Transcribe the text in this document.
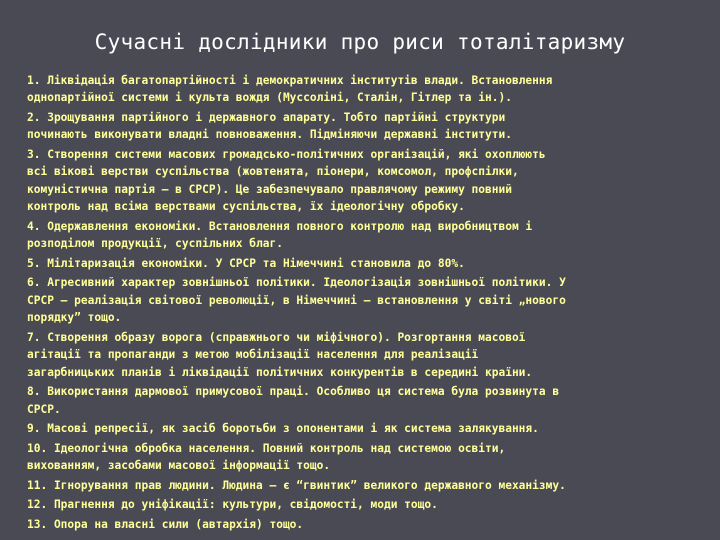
Сучасні дослідники про риси тоталітаризму
1. Ліквідація багатопартійності і демократичних інститутів влади. Встановлення
однопартійної системи і культа вождя (Муссоліні, Сталін, Гітлер та ін.).
2. Зрощування партійного і державного апарату. Тобто партійні структури
починають виконувати владні повноваження. Підміняючи державні інститути.
3. Створення системи масових громадсько-політичних організацій, які охоплюють
всі вікові верстви суспільства (жовтенята, піонери, комсомол, профспілки,
комуністична партія – в СРСР). Це забезпечувало правлячому режиму повний
контроль над всіма верствами суспільства, їх ідеологічну обробку.
4. Одержавлення економіки. Встановлення повного контролю над виробництвом і
розподілом продукції, суспільних благ.
5. Мілітаризація економіки. У СРСР та Німеччині становила до 80%.
6. Агресивний характер зовнішньої політики. Ідеологізація зовнішньої політики. У
СРСР – реалізація світової революції, в Німеччині – встановлення у світі „нового
порядку” тощо.
7. Створення образу ворога (справжнього чи міфічного). Розгортання масової
агітації та пропаганди з метою мобілізації населення для реалізації
загарбницьких планів і ліквідації політичних конкурентів в середині країни.
8. Використання дармової примусової праці. Особливо ця система була розвинута в
СРСР.
9. Масові репресії, як засіб боротьби з опонентами і як система залякування.
10. Ідеологічна обробка населення. Повний контроль над системою освіти,
вихованням, засобами масової інформації тощо.
11. Ігнорування прав людини. Людина – є “гвинтик” великого державного механізму.
12. Прагнення до уніфікації: культури, свідомості, моди тощо.
13. Опора на власні сили (автархія) тощо.
